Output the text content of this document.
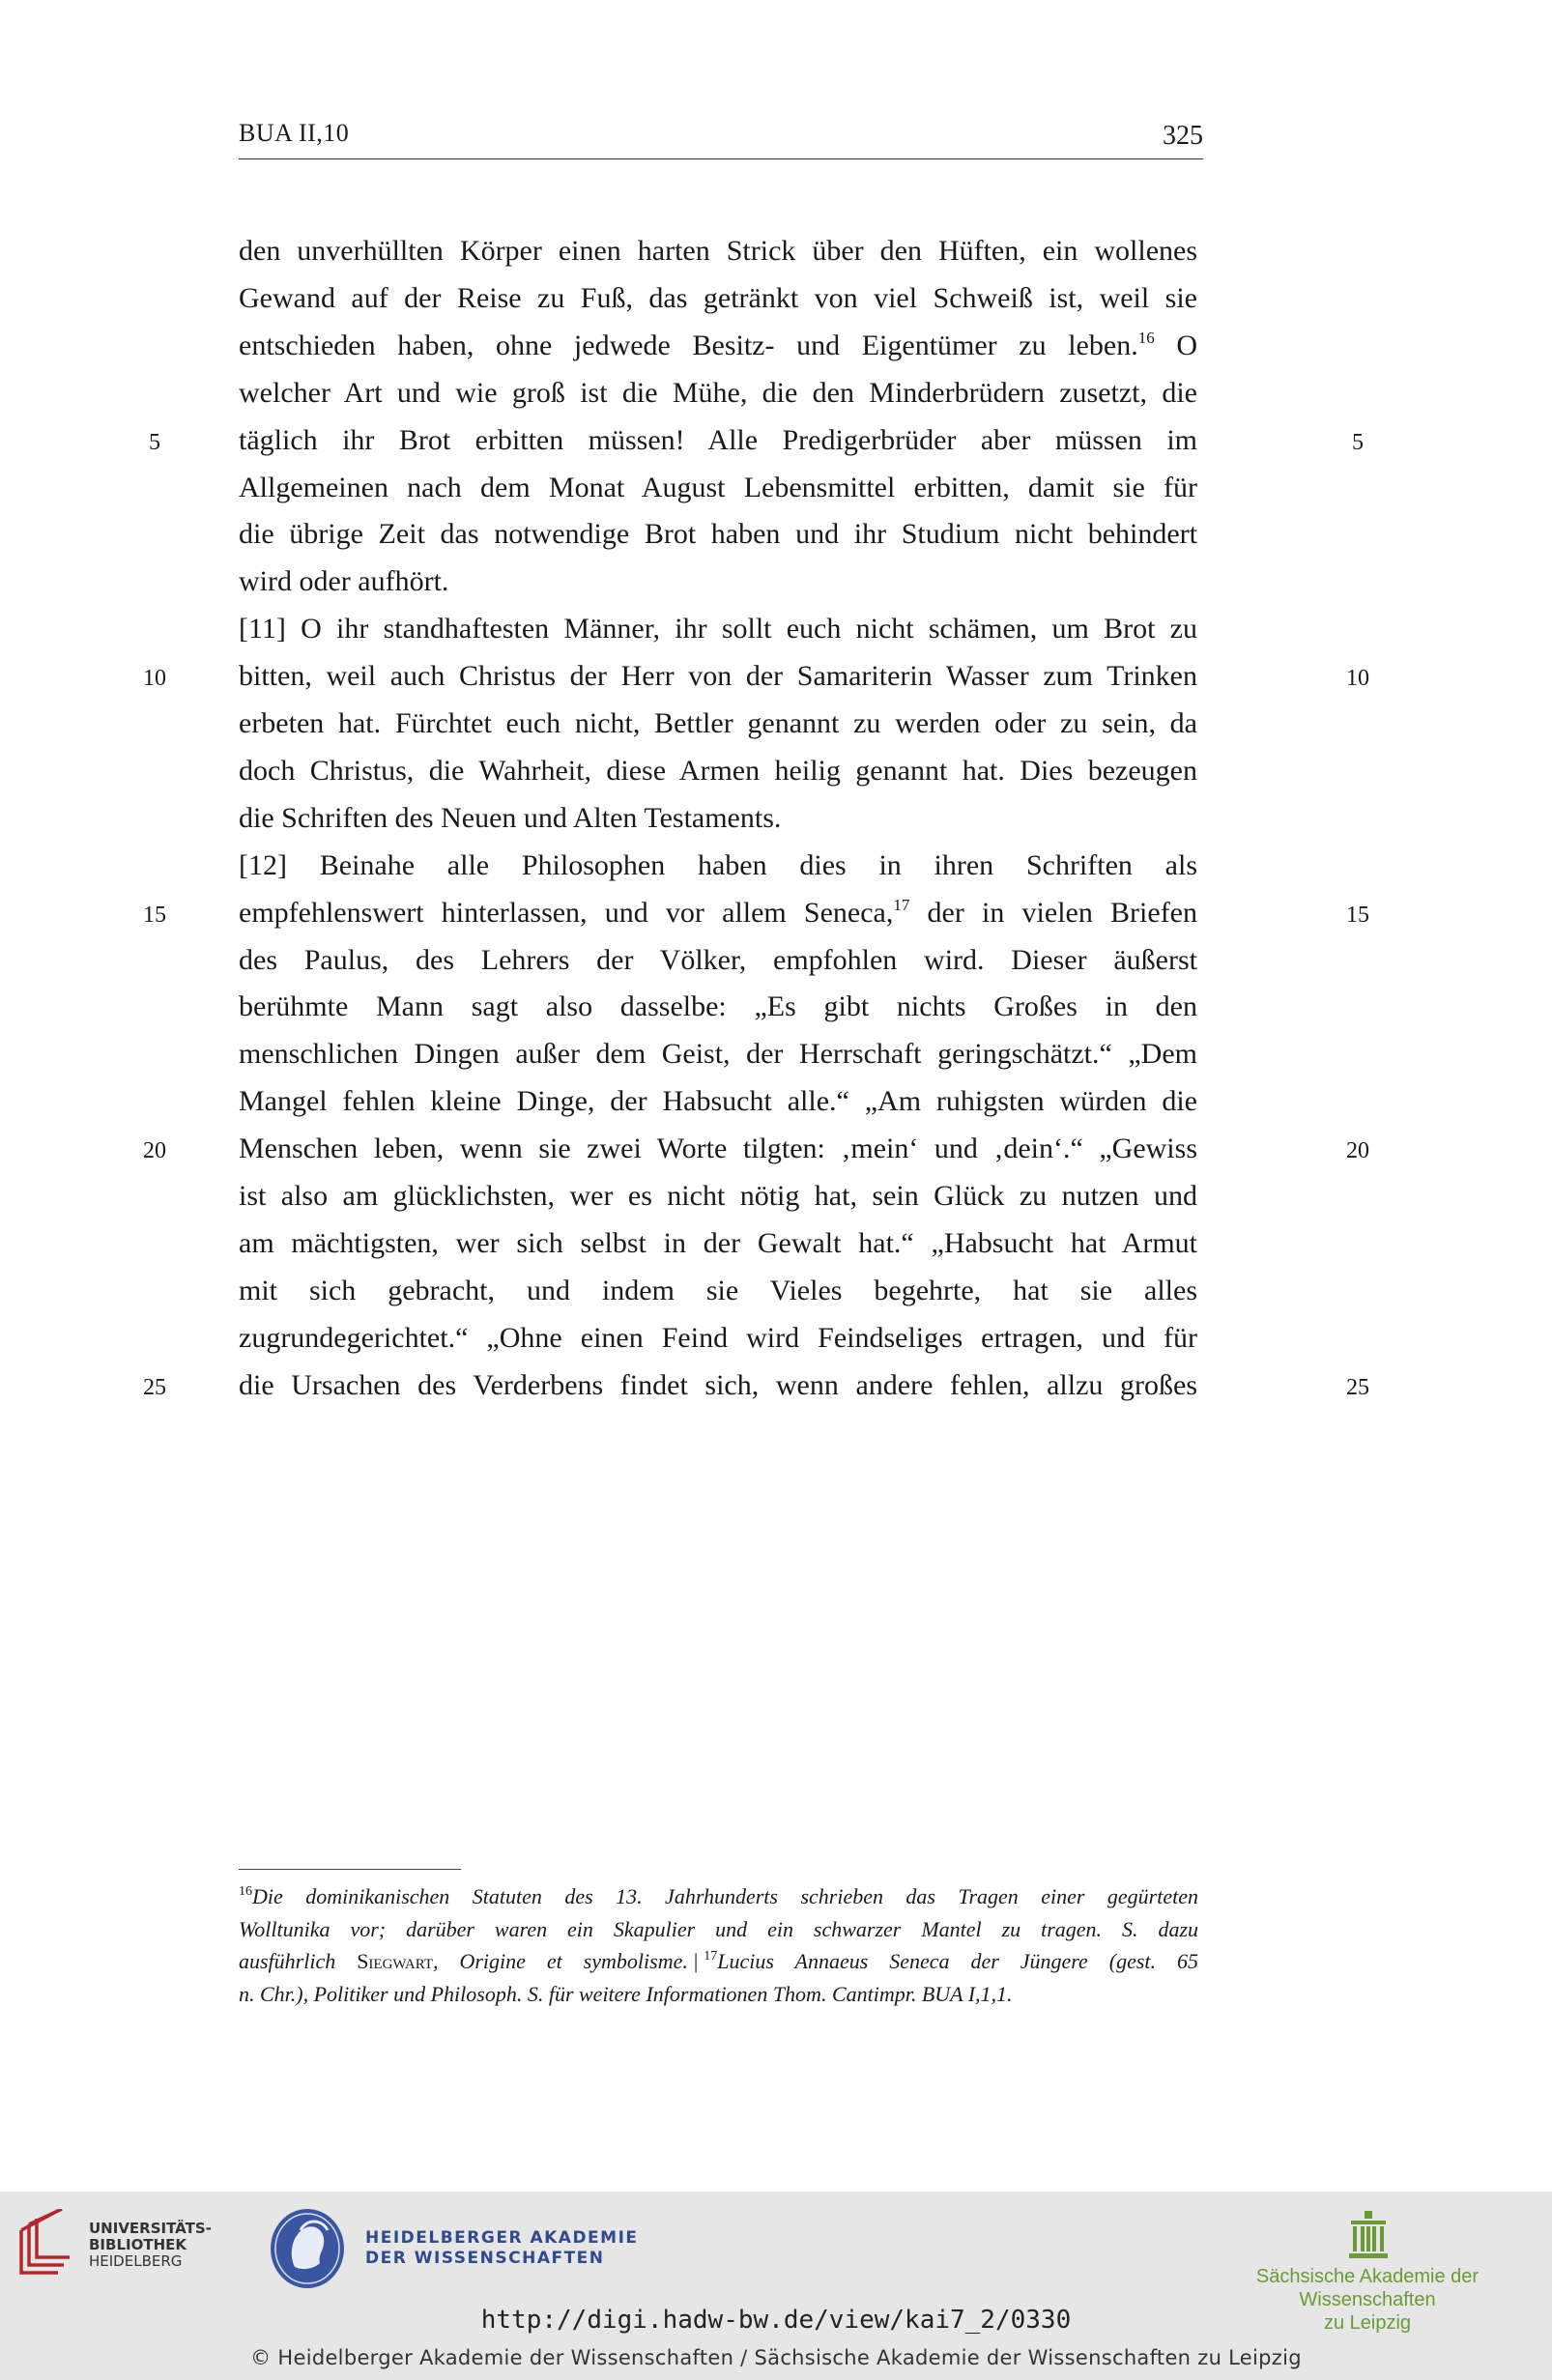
BUA II,10	325
den unverhüllten Körper einen harten Strick über den Hüften, ein wollenes
Gewand auf der Reise zu Fuß, das getränkt von viel Schweiß ist, weil sie
entschieden haben, ohne jedwede Besitz- und Eigentümer zu leben.$^{16}$ O
welcher Art und wie groß ist die Mühe, die den Minderbrüdern zusetzt, die
täglich ihr Brot erbitten müssen! Alle Predigerbrüder aber müssen im
Allgemeinen nach dem Monat August Lebensmittel erbitten, damit sie für
die übrige Zeit das notwendige Brot haben und ihr Studium nicht behindert
wird oder aufhört.
[11] O ihr standhaftesten Männer, ihr sollt euch nicht schämen, um Brot zu
bitten, weil auch Christus der Herr von der Samariterin Wasser zum Trinken
erbeten hat. Fürchtet euch nicht, Bettler genannt zu werden oder zu sein, da
doch Christus, die Wahrheit, diese Armen heilig genannt hat. Dies bezeugen
die Schriften des Neuen und Alten Testaments.
[12] Beinahe alle Philosophen haben dies in ihren Schriften als
empfehlenswert hinterlassen, und vor allem Seneca,$^{17}$ der in vielen Briefen
des Paulus, des Lehrers der Völker, empfohlen wird. Dieser äußerst
berühmte Mann sagt also dasselbe: „Es gibt nichts Großes in den
menschlichen Dingen außer dem Geist, der Herrschaft geringschätzt.“ „Dem
Mangel fehlen kleine Dinge, der Habsucht alle.“ „Am ruhigsten würden die
Menschen leben, wenn sie zwei Worte tilgten: ‚mein‘ und ‚dein‘.“ „Gewiss
ist also am glücklichsten, wer es nicht nötig hat, sein Glück zu nutzen und
am mächtigsten, wer sich selbst in der Gewalt hat.“ „Habsucht hat Armut
mit sich gebracht, und indem sie Vieles begehrte, hat sie alles
zugrundegerichtet.“ „Ohne einen Feind wird Feindseliges ertragen, und für
die Ursachen des Verderbens findet sich, wenn andere fehlen, allzu großes
5	5
10	10
15	15
20	20
25	25
$^{16}$Die dominikanischen Statuten des 13. Jahrhunderts schrieben das Tragen einer gegürteten
Wolltunika vor; darüber waren ein Skapulier und ein schwarzer Mantel zu tragen. S. dazu
ausführlich Siegwart, Origine et symbolisme. | $^{17}$Lucius Annaeus Seneca der Jüngere (gest. 65
n. Chr.), Politiker und Philosoph. S. für weitere Informationen Thom. Cantimpr. BUA I,1,1.
UNIVERSITÄTS-
BIBLIOTHEK
HEIDELBERG
HEIDELBERGER AKADEMIE
DER WISSENSCHAFTEN
Sächsische Akademie der Wissenschaften
zu Leipzig
http://digi.hadw-bw.de/view/kai7_2/0330
© Heidelberger Akademie der Wissenschaften / Sächsische Akademie der Wissenschaften zu Leipzig
